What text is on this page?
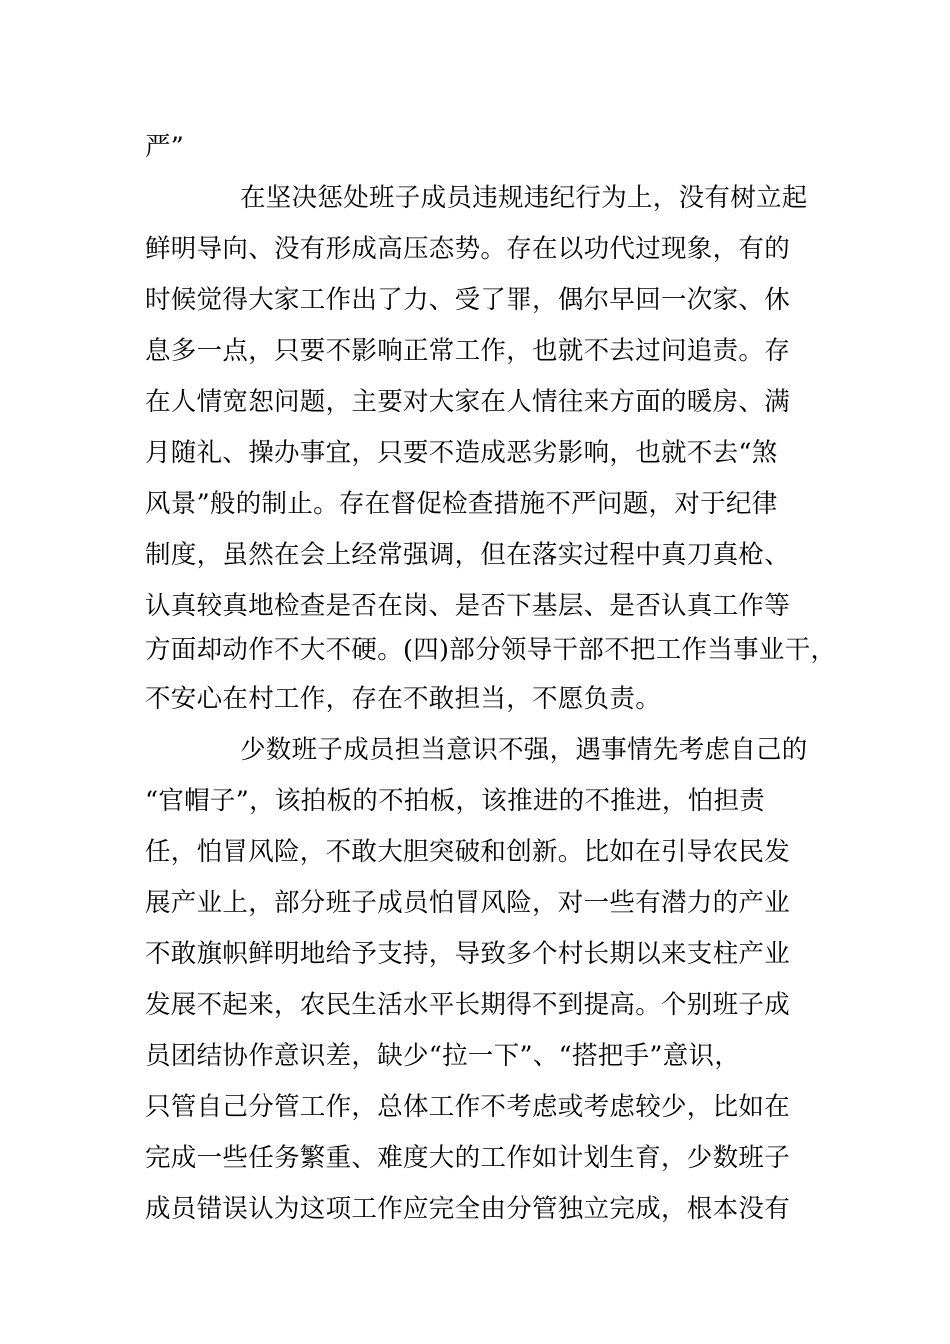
严”
在坚决惩处班子成员违规违纪行为上，没有树立起
鲜明导向、没有形成高压态势。存在以功代过现象，有的
时候觉得大家工作出了力、受了罪，偶尔早回一次家、休
息多一点，只要不影响正常工作，也就不去过问追责。存
在人情宽恕问题，主要对大家在人情往来方面的暖房、满
月随礼、操办事宜，只要不造成恶劣影响，也就不去“煞
风景”般的制止。存在督促检查措施不严问题，对于纪律
制度，虽然在会上经常强调，但在落实过程中真刀真枪、
认真较真地检查是否在岗、是否下基层、是否认真工作等
方面却动作不大不硬。(四)部分领导干部不把工作当事业干，
不安心在村工作，存在不敢担当，不愿负责。
少数班子成员担当意识不强，遇事情先考虑自己的
“官帽子”，该拍板的不拍板，该推进的不推进，怕担责
任，怕冒风险，不敢大胆突破和创新。比如在引导农民发
展产业上，部分班子成员怕冒风险，对一些有潜力的产业
不敢旗帜鲜明地给予支持，导致多个村长期以来支柱产业
发展不起来，农民生活水平长期得不到提高。个别班子成
员团结协作意识差，缺少“拉一下”、“搭把手”意识，
只管自己分管工作，总体工作不考虑或考虑较少，比如在
完成一些任务繁重、难度大的工作如计划生育，少数班子
成员错误认为这项工作应完全由分管独立完成，根本没有
